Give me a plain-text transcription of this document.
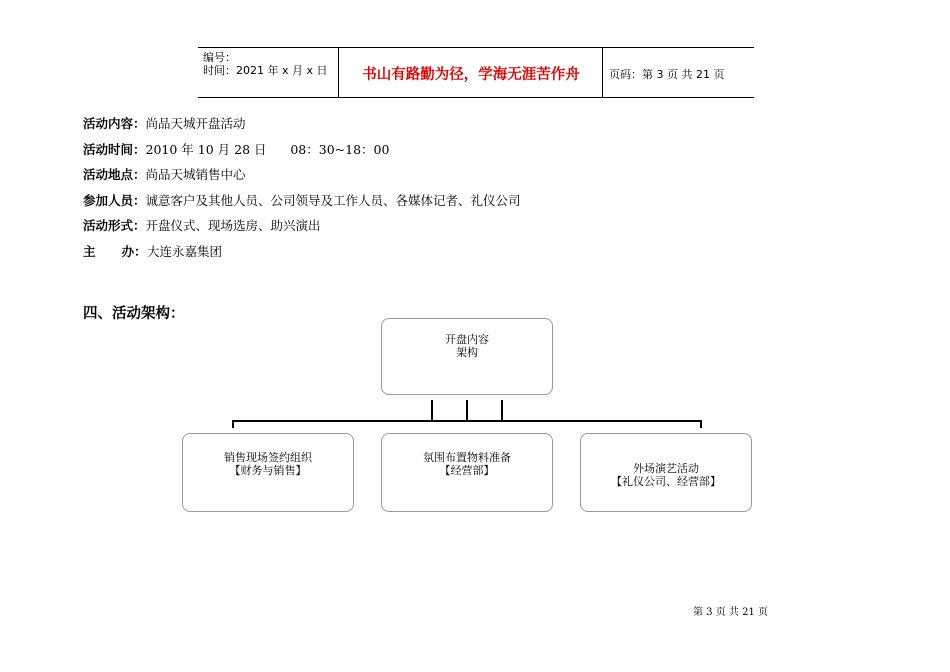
编号：
时间：2021 年 x 月 x 日	书山有路勤为径，学海无涯苦作舟	页码：第 3 页 共 21 页
活动内容：尚品天城开盘活动
活动时间：2010 年 10 月 28 日      08：30~18：00
活动地点：尚品天城销售中心
参加人员：诚意客户及其他人员、公司领导及工作人员、各媒体记者、礼仪公司
活动形式：开盘仪式、现场选房、助兴演出
主      办：大连永嘉集团
四、活动架构：
开盘内容
架构
销售现场签约组织
【财务与销售】
氛围布置物料准备
【经营部】	外场演艺活动
【礼仪公司、经营部】
第 3 页 共 21 页
